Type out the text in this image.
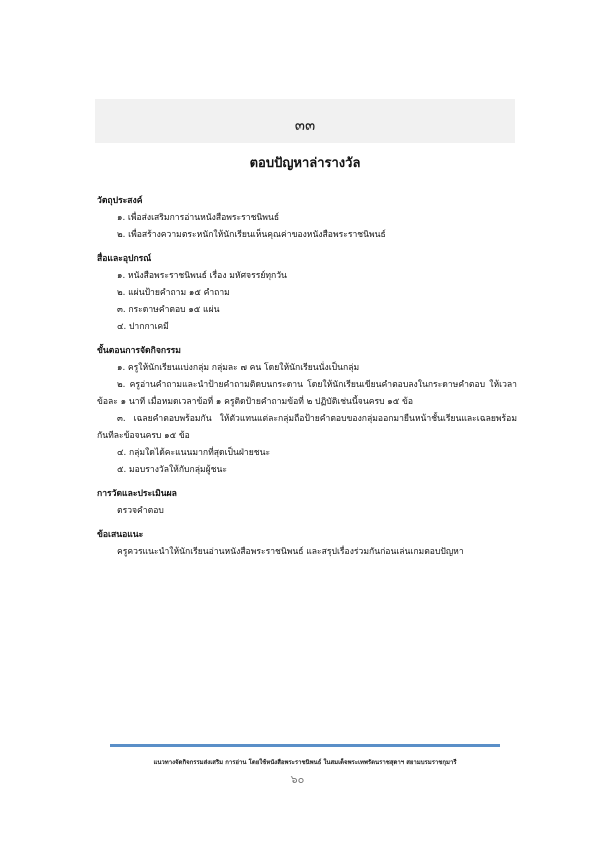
๓๓
ตอบปัญหาล่ารางวัล
วัตถุประสงค์
๑. เพื่อส่งเสริมการอ่านหนังสือพระราชนิพนธ์
๒. เพื่อสร้างความตระหนักให้นักเรียนเห็นคุณค่าของหนังสือพระราชนิพนธ์
สื่อและอุปกรณ์
๑. หนังสือพระราชนิพนธ์ เรื่อง มหัศจรรย์ทุกวัน
๒. แผ่นป้ายคำถาม ๑๕ คำถาม
๓. กระดาษคำตอบ ๑๕ แผ่น
๔. ปากกาเคมี
ขั้นตอนการจัดกิจกรรม
๑. ครูให้นักเรียนแบ่งกลุ่ม กลุ่มละ ๗ คน โดยให้นักเรียนนั่งเป็นกลุ่ม
๒. ครูอ่านคำถามและนำป้ายคำถามติดบนกระดาน โดยให้นักเรียนเขียนคำตอบลงในกระดาษคำตอบ ให้เวลาข้อละ ๑ นาที เมื่อหมดเวลาข้อที่ ๑ ครูติดป้ายคำถามข้อที่ ๒ ปฏิบัติเช่นนี้จนครบ ๑๕ ข้อ
๓. เฉลยคำตอบพร้อมกัน ให้ตัวแทนแต่ละกลุ่มถือป้ายคำตอบของกลุ่มออกมายืนหน้าชั้นเรียนและเฉลยพร้อมกันทีละข้อจนครบ ๑๕ ข้อ
๔. กลุ่มใดได้คะแนนมากที่สุดเป็นฝ่ายชนะ
๕. มอบรางวัลให้กับกลุ่มผู้ชนะ
การวัดและประเมินผล
ตรวจคำตอบ
ข้อเสนอแนะ
ครูควรแนะนำให้นักเรียนอ่านหนังสือพระราชนิพนธ์ และสรุปเรื่องร่วมกันก่อนเล่นเกมตอบปัญหา
แนวทางจัดกิจกรรมส่งเสริม การอ่าน โดยใช้หนังสือพระราชนิพนธ์ ในสมเด็จพระเทพรัตนราชสุดาฯ สยามบรมราชกุมารี
๖๐
